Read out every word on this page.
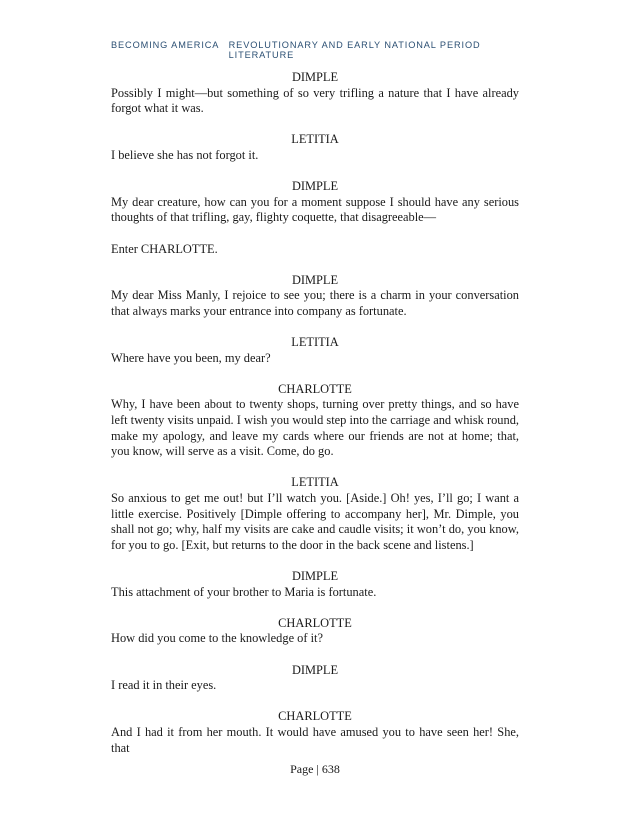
BECOMING AMERICA	REVOLUTIONARY AND EARLY NATIONAL PERIOD LITERATURE

DIMPLE

Possibly I might—but something of so very trifling a nature that I have already forgot what it was.

LETITIA

I believe she has not forgot it.

DIMPLE

My dear creature, how can you for a moment suppose I should have any serious thoughts of that trifling, gay, flighty coquette, that disagreeable—

Enter CHARLOTTE.

DIMPLE

My dear Miss Manly, I rejoice to see you; there is a charm in your conversation that always marks your entrance into company as fortunate.

LETITIA

Where have you been, my dear?

CHARLOTTE

Why, I have been about to twenty shops, turning over pretty things, and so have left twenty visits unpaid. I wish you would step into the carriage and whisk round, make my apology, and leave my cards where our friends are not at home; that, you know, will serve as a visit. Come, do go.

LETITIA

So anxious to get me out! but I’ll watch you. [Aside.] Oh! yes, I’ll go; I want a little exercise. Positively [Dimple offering to accompany her], Mr. Dimple, you shall not go; why, half my visits are cake and caudle visits; it won’t do, you know, for you to go. [Exit, but returns to the door in the back scene and listens.]

DIMPLE

This attachment of your brother to Maria is fortunate.

CHARLOTTE

How did you come to the knowledge of it?

DIMPLE

I read it in their eyes.

CHARLOTTE

And I had it from her mouth. It would have amused you to have seen her! She, that

Page | 638
